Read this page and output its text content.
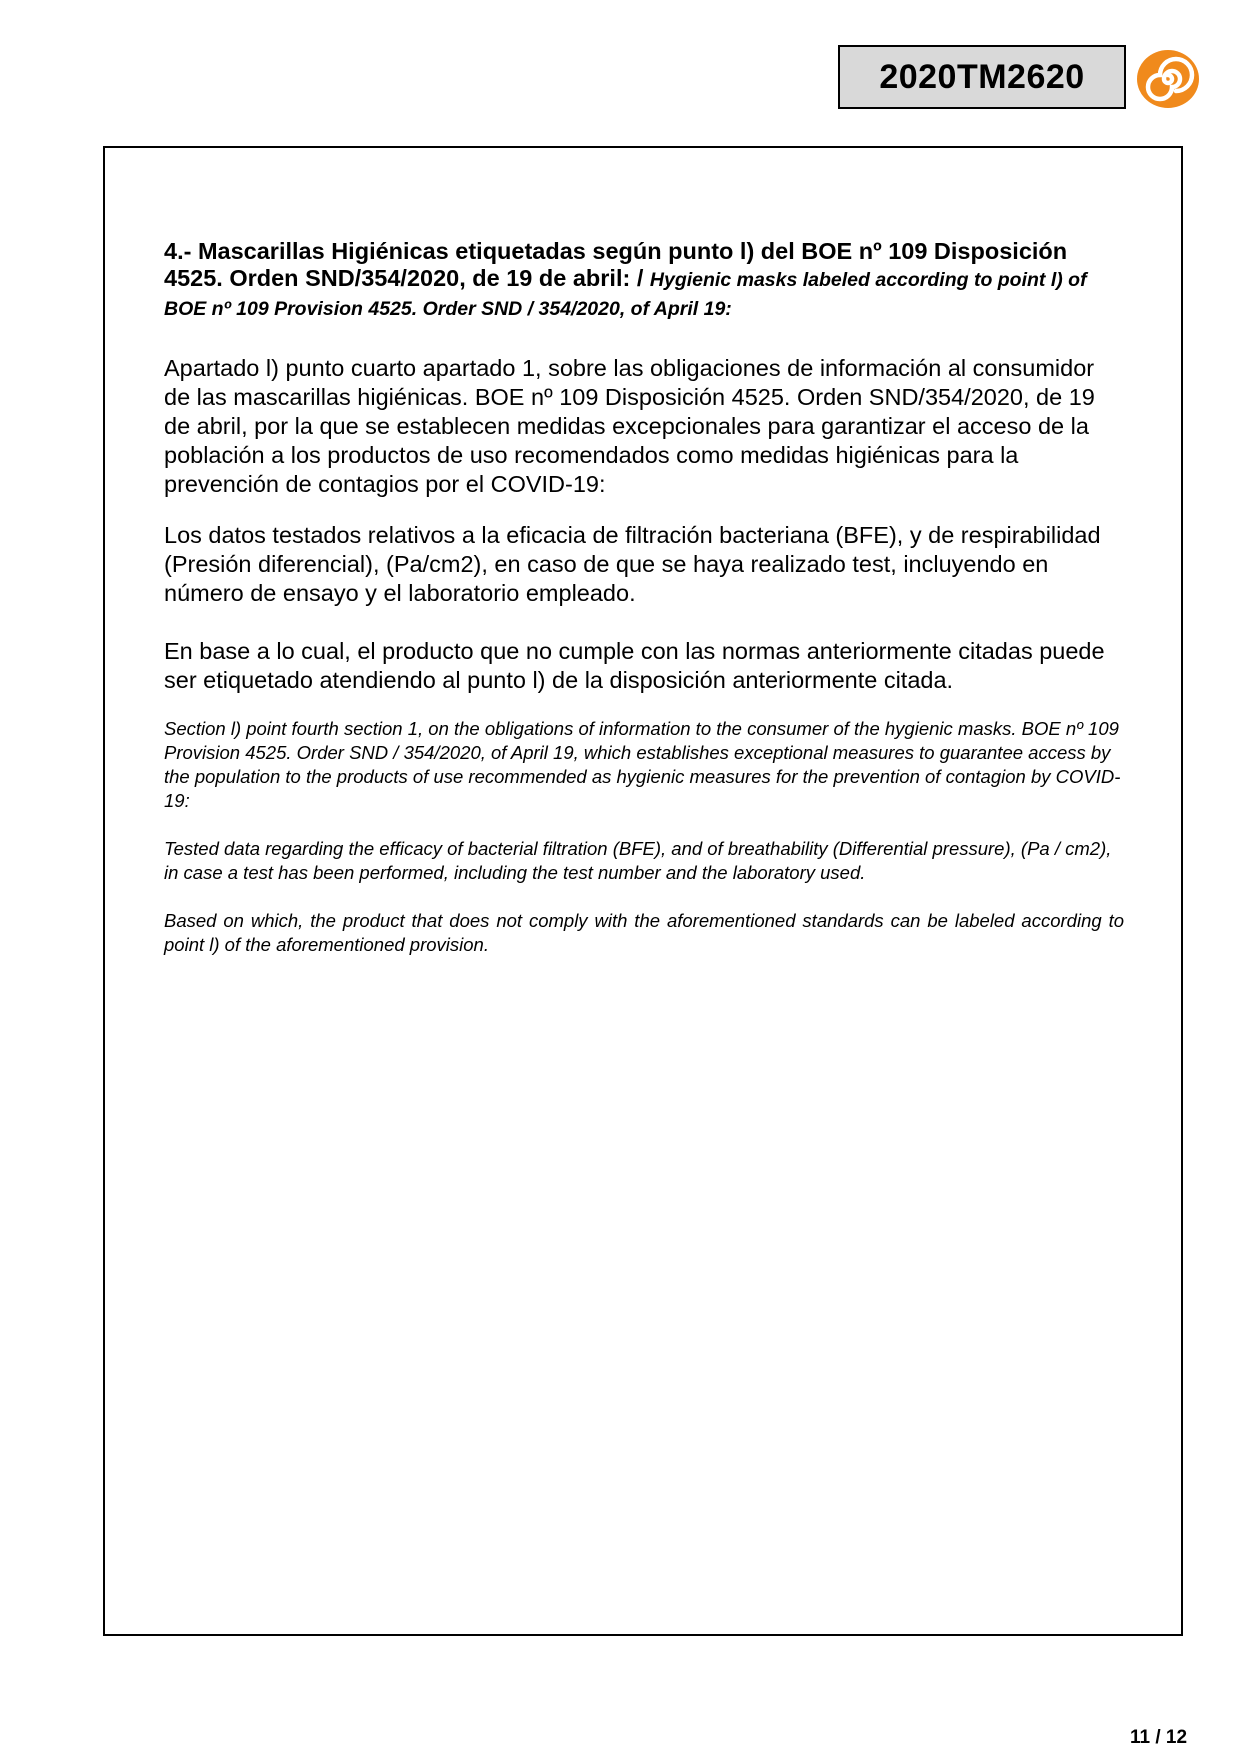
2020TM2620

4.- Mascarillas Higiénicas etiquetadas según punto l) del BOE nº 109 Disposición 4525. Orden SND/354/2020, de 19 de abril: / Hygienic masks labeled according to point l) of BOE nº 109 Provision 4525. Order SND / 354/2020, of April 19:

Apartado l) punto cuarto apartado 1, sobre las obligaciones de información al consumidor de las mascarillas higiénicas. BOE nº 109 Disposición 4525. Orden SND/354/2020, de 19 de abril, por la que se establecen medidas excepcionales para garantizar el acceso de la población a los productos de uso recomendados como medidas higiénicas para la prevención de contagios por el COVID-19:

Los datos testados relativos a la eficacia de filtración bacteriana (BFE), y de respirabilidad (Presión diferencial), (Pa/cm2), en caso de que se haya realizado test, incluyendo en número de ensayo y el laboratorio empleado.

En base a lo cual, el producto que no cumple con las normas anteriormente citadas puede ser etiquetado atendiendo al punto l) de la disposición anteriormente citada.

Section l) point fourth section 1, on the obligations of information to the consumer of the hygienic masks. BOE nº 109 Provision 4525. Order SND / 354/2020, of April 19, which establishes exceptional measures to guarantee access by the population to the products of use recommended as hygienic measures for the prevention of contagion by COVID- 19:

Tested data regarding the efficacy of bacterial filtration (BFE), and of breathability (Differential pressure), (Pa / cm2), in case a test has been performed, including the test number and the laboratory used.

Based on which, the product that does not comply with the aforementioned standards can be labeled according to point l) of the aforementioned provision.

11 / 12
